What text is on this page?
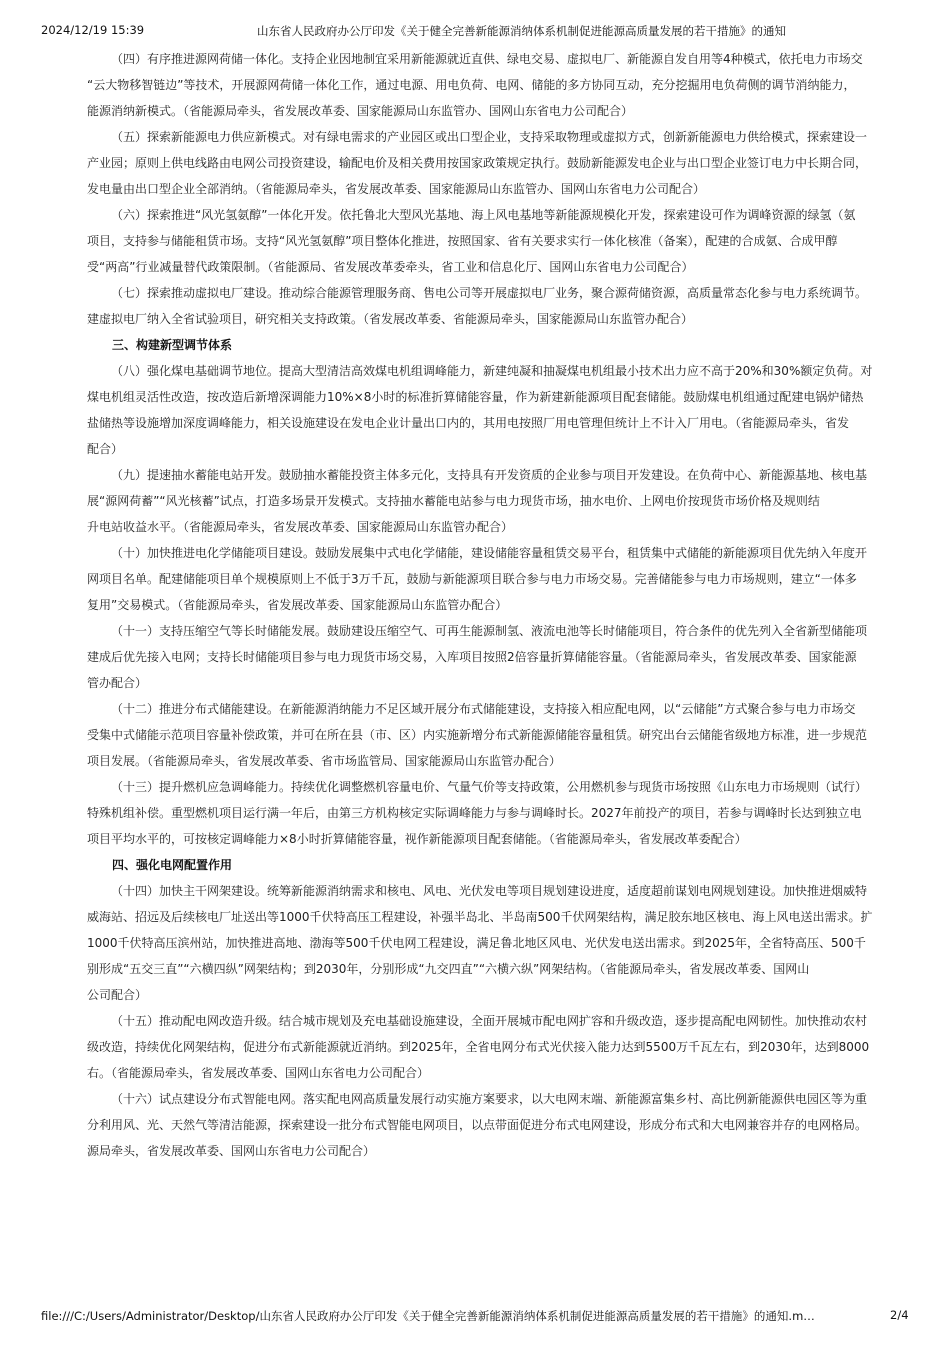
2024/12/19 15:39	山东省人民政府办公厅印发《关于健全完善新能源消纳体系机制促进能源高质量发展的若干措施》的通知
（四）有序推进源网荷储一体化。支持企业因地制宜采用新能源就近直供、绿电交易、虚拟电厂、新能源自发自用等4种模式，依托电力市场交
“云大物移智链边”等技术，开展源网荷储一体化工作，通过电源、用电负荷、电网、储能的多方协同互动，充分挖掘用电负荷侧的调节消纳能力，
能源消纳新模式。（省能源局牵头，省发展改革委、国家能源局山东监管办、国网山东省电力公司配合）
（五）探索新能源电力供应新模式。对有绿电需求的产业园区或出口型企业，支持采取物理或虚拟方式，创新新能源电力供给模式，探索建设一
产业园；原则上供电线路由电网公司投资建设，输配电价及相关费用按国家政策规定执行。鼓励新能源发电企业与出口型企业签订电力中长期合同，
发电量由出口型企业全部消纳。（省能源局牵头，省发展改革委、国家能源局山东监管办、国网山东省电力公司配合）
（六）探索推进“风光氢氨醇”一体化开发。依托鲁北大型风光基地、海上风电基地等新能源规模化开发，探索建设可作为调峰资源的绿氢（氨
项目，支持参与储能租赁市场。支持“风光氢氨醇”项目整体化推进，按照国家、省有关要求实行一体化核准（备案），配建的合成氨、合成甲醇
受“两高”行业减量替代政策限制。（省能源局、省发展改革委牵头，省工业和信息化厅、国网山东省电力公司配合）
（七）探索推动虚拟电厂建设。推动综合能源管理服务商、售电公司等开展虚拟电厂业务，聚合源荷储资源，高质量常态化参与电力系统调节。
建虚拟电厂纳入全省试验项目，研究相关支持政策。（省发展改革委、省能源局牵头，国家能源局山东监管办配合）
三、构建新型调节体系
（八）强化煤电基础调节地位。提高大型清洁高效煤电机组调峰能力，新建纯凝和抽凝煤电机组最小技术出力应不高于20%和30%额定负荷。对
煤电机组灵活性改造，按改造后新增深调能力10%×8小时的标准折算储能容量，作为新建新能源项目配套储能。鼓励煤电机组通过配建电锅炉储热
盐储热等设施增加深度调峰能力，相关设施建设在发电企业计量出口内的，其用电按照厂用电管理但统计上不计入厂用电。（省能源局牵头，省发
配合）
（九）提速抽水蓄能电站开发。鼓励抽水蓄能投资主体多元化，支持具有开发资质的企业参与项目开发建设。在负荷中心、新能源基地、核电基
展“源网荷蓄”“风光核蓄”试点，打造多场景开发模式。支持抽水蓄能电站参与电力现货市场，抽水电价、上网电价按现货市场价格及规则结
升电站收益水平。（省能源局牵头，省发展改革委、国家能源局山东监管办配合）
（十）加快推进电化学储能项目建设。鼓励发展集中式电化学储能，建设储能容量租赁交易平台，租赁集中式储能的新能源项目优先纳入年度开
网项目名单。配建储能项目单个规模原则上不低于3万千瓦，鼓励与新能源项目联合参与电力市场交易。完善储能参与电力市场规则，建立“一体多
复用”交易模式。（省能源局牵头，省发展改革委、国家能源局山东监管办配合）
（十一）支持压缩空气等长时储能发展。鼓励建设压缩空气、可再生能源制氢、液流电池等长时储能项目，符合条件的优先列入全省新型储能项
建成后优先接入电网；支持长时储能项目参与电力现货市场交易，入库项目按照2倍容量折算储能容量。（省能源局牵头，省发展改革委、国家能源
管办配合）
（十二）推进分布式储能建设。在新能源消纳能力不足区域开展分布式储能建设，支持接入相应配电网，以“云储能”方式聚合参与电力市场交
受集中式储能示范项目容量补偿政策，并可在所在县（市、区）内实施新增分布式新能源储能容量租赁。研究出台云储能省级地方标准，进一步规范
项目发展。（省能源局牵头，省发展改革委、省市场监管局、国家能源局山东监管办配合）
（十三）提升燃机应急调峰能力。持续优化调整燃机容量电价、气量气价等支持政策，公用燃机参与现货市场按照《山东电力市场规则（试行）
特殊机组补偿。重型燃机项目运行满一年后，由第三方机构核定实际调峰能力与参与调峰时长。2027年前投产的项目，若参与调峰时长达到独立电
项目平均水平的，可按核定调峰能力×8小时折算储能容量，视作新能源项目配套储能。（省能源局牵头，省发展改革委配合）
四、强化电网配置作用
（十四）加快主干网架建设。统筹新能源消纳需求和核电、风电、光伏发电等项目规划建设进度，适度超前谋划电网规划建设。加快推进烟威特
威海站、招远及后续核电厂址送出等1000千伏特高压工程建设，补强半岛北、半岛南500千伏网架结构，满足胶东地区核电、海上风电送出需求。扩
1000千伏特高压滨州站，加快推进高地、渤海等500千伏电网工程建设，满足鲁北地区风电、光伏发电送出需求。到2025年，全省特高压、500千
别形成“五交三直”“六横四纵”网架结构；到2030年，分别形成“九交四直”“六横六纵”网架结构。（省能源局牵头，省发展改革委、国网山
公司配合）
（十五）推动配电网改造升级。结合城市规划及充电基础设施建设，全面开展城市配电网扩容和升级改造，逐步提高配电网韧性。加快推动农村
级改造，持续优化网架结构，促进分布式新能源就近消纳。到2025年，全省电网分布式光伏接入能力达到5500万千瓦左右，到2030年，达到8000
右。（省能源局牵头，省发展改革委、国网山东省电力公司配合）
（十六）试点建设分布式智能电网。落实配电网高质量发展行动实施方案要求，以大电网末端、新能源富集乡村、高比例新能源供电园区等为重
分利用风、光、天然气等清洁能源，探索建设一批分布式智能电网项目，以点带面促进分布式电网建设，形成分布式和大电网兼容并存的电网格局。
源局牵头，省发展改革委、国网山东省电力公司配合）
file:///C:/Users/Administrator/Desktop/山东省人民政府办公厅印发《关于健全完善新能源消纳体系机制促进能源高质量发展的若干措施》的通知.m…	2/4
